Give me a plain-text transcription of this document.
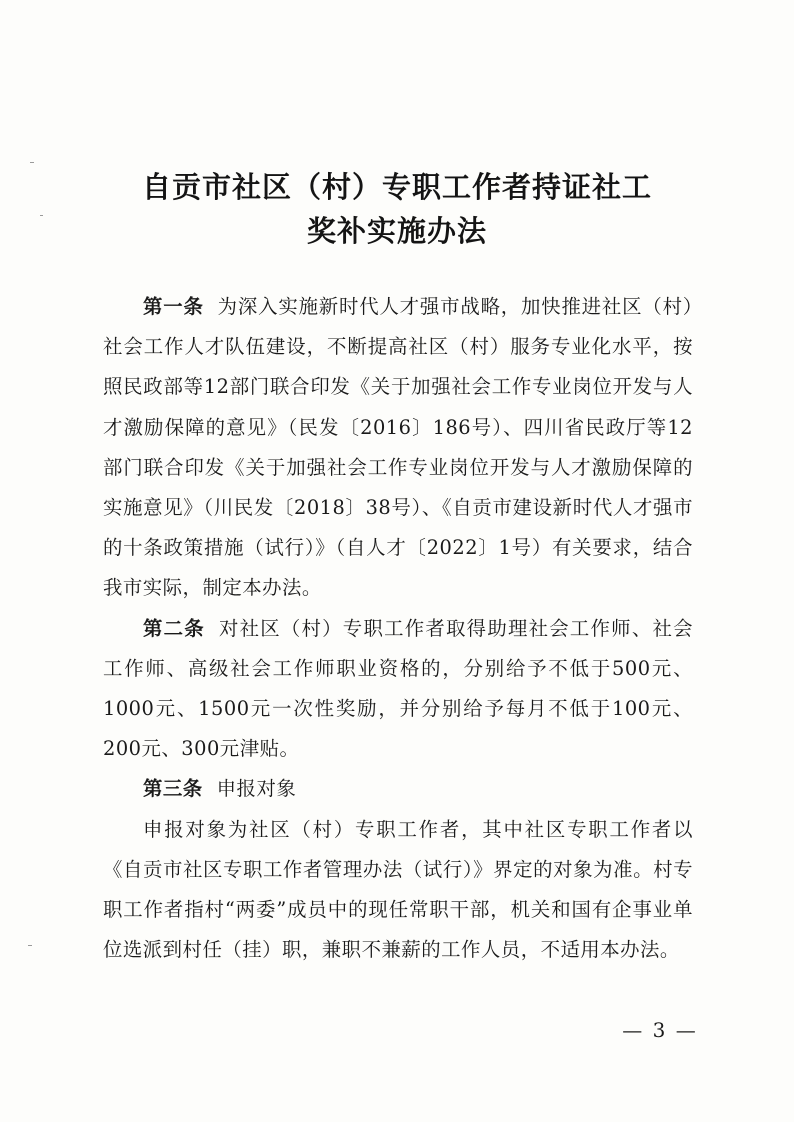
自贡市社区（村）专职工作者持证社工
奖补实施办法

第一条 为深入实施新时代人才强市战略，加快推进社区（村）社会工作人才队伍建设，不断提高社区（村）服务专业化水平，按照民政部等12部门联合印发《关于加强社会工作专业岗位开发与人才激励保障的意见》（民发〔2016〕186号）、四川省民政厅等12部门联合印发《关于加强社会工作专业岗位开发与人才激励保障的实施意见》（川民发〔2018〕38号）、《自贡市建设新时代人才强市的十条政策措施（试行）》（自人才〔2022〕1号）有关要求，结合我市实际，制定本办法。

第二条 对社区（村）专职工作者取得助理社会工作师、社会工作师、高级社会工作师职业资格的，分别给予不低于500元、1000元、1500元一次性奖励，并分别给予每月不低于100元、200元、300元津贴。

第三条 申报对象

申报对象为社区（村）专职工作者，其中社区专职工作者以《自贡市社区专职工作者管理办法（试行）》界定的对象为准。村专职工作者指村“两委”成员中的现任常职干部，机关和国有企事业单位选派到村任（挂）职，兼职不兼薪的工作人员，不适用本办法。

— 3 —
